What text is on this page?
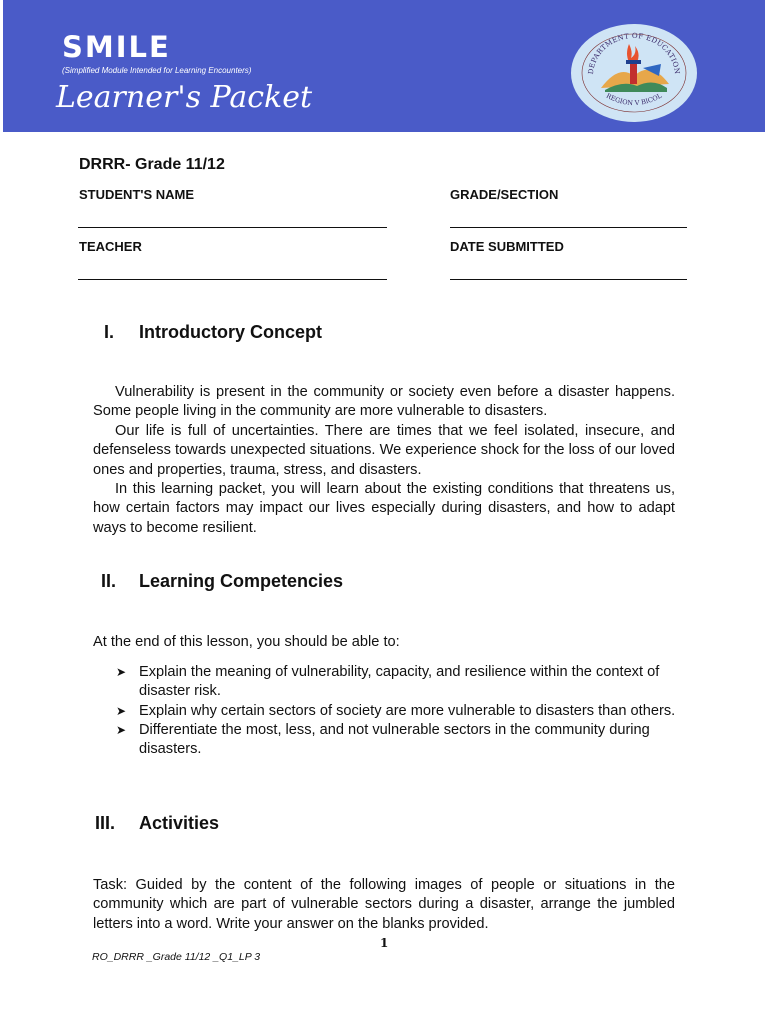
SMILE
(Simplified Module Intended for Learning Encounters)
Learner's Packet
DEPARTMENT OF EDUCATION
REGION V BICOL
DRRR- Grade 11/12
STUDENT'S NAME	GRADE/SECTION
TEACHER	DATE SUBMITTED
I. Introductory Concept
Vulnerability is present in the community or society even before a disaster happens. Some people living in the community are more vulnerable to disasters.
Our life is full of uncertainties. There are times that we feel isolated, insecure, and defenseless towards unexpected situations. We experience shock for the loss of our loved ones and properties, trauma, stress, and disasters.
In this learning packet, you will learn about the existing conditions that threatens us, how certain factors may impact our lives especially during disasters, and how to adapt ways to become resilient.
II. Learning Competencies

At the end of this lesson, you should be able to:

➤ Explain the meaning of vulnerability, capacity, and resilience within the context of disaster risk.
➤ Explain why certain sectors of society are more vulnerable to disasters than others.
➤ Differentiate the most, less, and not vulnerable sectors in the community during disasters.
III. Activities

Task: Guided by the content of the following images of people or situations in the community which are part of vulnerable sectors during a disaster, arrange the jumbled letters into a word. Write your answer on the blanks provided.

1
RO_DRRR _Grade 11/12 _Q1_LP 3
